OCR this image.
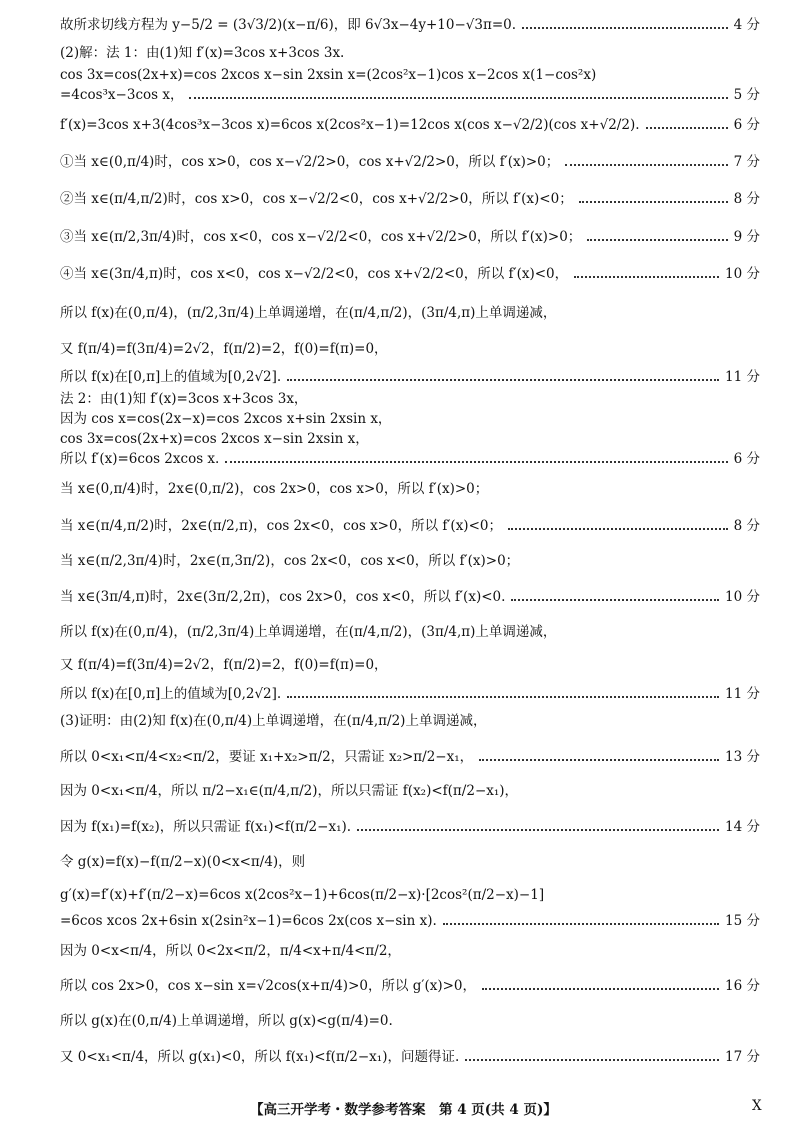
故所求切线方程为 y−5/2 = (3√3/2)(x−π/6)，即 6√3x−4y+10−√3π=0.	4 分
(2)解：法 1：由(1)知 f′(x)=3cos x+3cos 3x.
cos 3x=cos(2x+x)=cos 2xcos x−sin 2xsin x=(2cos²x−1)cos x−2cos x(1−cos²x)
=4cos³x−3cos x，	5 分
f′(x)=3cos x+3(4cos³x−3cos x)=6cos x(2cos²x−1)=12cos x(cos x−√2/2)(cos x+√2/2).	6 分
①当 x∈(0,π/4)时，cos x>0，cos x−√2/2>0，cos x+√2/2>0，所以 f′(x)>0；	7 分
②当 x∈(π/4,π/2)时，cos x>0，cos x−√2/2<0，cos x+√2/2>0，所以 f′(x)<0；	8 分
③当 x∈(π/2,3π/4)时，cos x<0，cos x−√2/2<0，cos x+√2/2>0，所以 f′(x)>0；	9 分
④当 x∈(3π/4,π)时，cos x<0，cos x−√2/2<0，cos x+√2/2<0，所以 f′(x)<0，	10 分
所以 f(x)在(0,π/4)，(π/2,3π/4)上单调递增，在(π/4,π/2)，(3π/4,π)上单调递减，
又 f(π/4)=f(3π/4)=2√2，f(π/2)=2，f(0)=f(π)=0，
所以 f(x)在[0,π]上的值域为[0,2√2].	11 分
法 2：由(1)知 f′(x)=3cos x+3cos 3x，
因为 cos x=cos(2x−x)=cos 2xcos x+sin 2xsin x，
cos 3x=cos(2x+x)=cos 2xcos x−sin 2xsin x，
所以 f′(x)=6cos 2xcos x.	6 分
当 x∈(0,π/4)时，2x∈(0,π/2)，cos 2x>0，cos x>0，所以 f′(x)>0；
当 x∈(π/4,π/2)时，2x∈(π/2,π)，cos 2x<0，cos x>0，所以 f′(x)<0；	8 分
当 x∈(π/2,3π/4)时，2x∈(π,3π/2)，cos 2x<0，cos x<0，所以 f′(x)>0；
当 x∈(3π/4,π)时，2x∈(3π/2,2π)，cos 2x>0，cos x<0，所以 f′(x)<0.	10 分
所以 f(x)在(0,π/4)，(π/2,3π/4)上单调递增，在(π/4,π/2)，(3π/4,π)上单调递减，
又 f(π/4)=f(3π/4)=2√2，f(π/2)=2，f(0)=f(π)=0，
所以 f(x)在[0,π]上的值域为[0,2√2].	11 分
(3)证明：由(2)知 f(x)在(0,π/4)上单调递增，在(π/4,π/2)上单调递减，
所以 0<x₁<π/4<x₂<π/2，要证 x₁+x₂>π/2，只需证 x₂>π/2−x₁，	13 分
因为 0<x₁<π/4，所以 π/2−x₁∈(π/4,π/2)，所以只需证 f(x₂)<f(π/2−x₁)，
因为 f(x₁)=f(x₂)，所以只需证 f(x₁)<f(π/2−x₁).	14 分
令 g(x)=f(x)−f(π/2−x)(0<x<π/4)，则
g′(x)=f′(x)+f′(π/2−x)=6cos x(2cos²x−1)+6cos(π/2−x)·[2cos²(π/2−x)−1]
=6cos xcos 2x+6sin x(2sin²x−1)=6cos 2x(cos x−sin x).	15 分
因为 0<x<π/4，所以 0<2x<π/2，π/4<x+π/4<π/2，
所以 cos 2x>0，cos x−sin x=√2cos(x+π/4)>0，所以 g′(x)>0，	16 分
所以 g(x)在(0,π/4)上单调递增，所以 g(x)<g(π/4)=0.
又 0<x₁<π/4，所以 g(x₁)<0，所以 f(x₁)<f(π/2−x₁)，问题得证.	17 分
【高三开学考・数学参考答案　第 4 页(共 4 页)】	X
